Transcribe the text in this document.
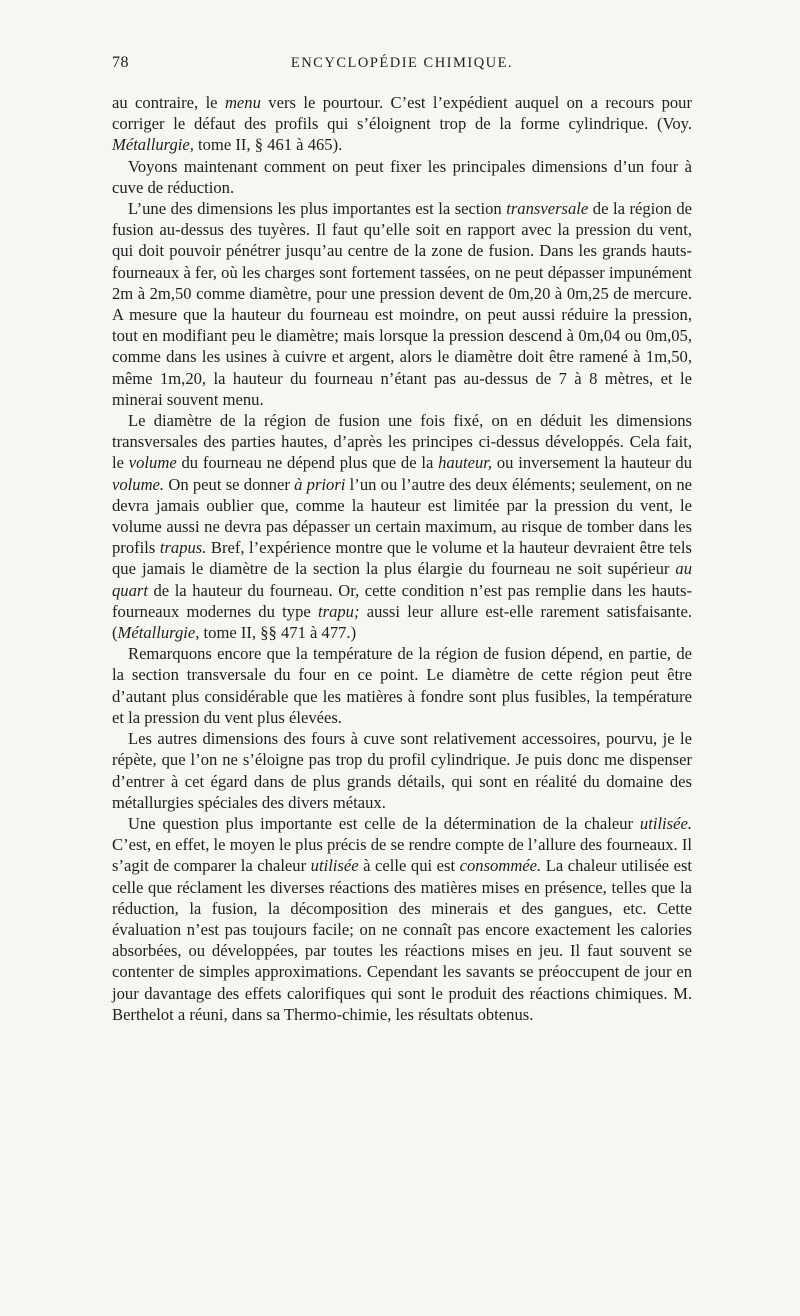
78	ENCYCLOPÉDIE CHIMIQUE.

au contraire, le menu vers le pourtour. C’est l’expédient auquel on a recours pour corriger le défaut des profils qui s’éloignent trop de la forme cylindrique. (Voy. Métallurgie, tome II, § 461 à 465).

Voyons maintenant comment on peut fixer les principales dimensions d’un four à cuve de réduction.

L’une des dimensions les plus importantes est la section transversale de la région de fusion au-dessus des tuyères. Il faut qu’elle soit en rapport avec la pression du vent, qui doit pouvoir pénétrer jusqu’au centre de la zone de fusion. Dans les grands hauts-fourneaux à fer, où les charges sont fortement tassées, on ne peut dépasser impunément 2m à 2m,50 comme diamètre, pour une pression devent de 0m,20 à 0m,25 de mercure. A mesure que la hauteur du fourneau est moindre, on peut aussi réduire la pression, tout en modifiant peu le diamètre; mais lorsque la pression descend à 0m,04 ou 0m,05, comme dans les usines à cuivre et argent, alors le diamètre doit être ramené à 1m,50, même 1m,20, la hauteur du fourneau n’étant pas au-dessus de 7 à 8 mètres, et le minerai souvent menu.

Le diamètre de la région de fusion une fois fixé, on en déduit les dimensions transversales des parties hautes, d’après les principes ci-dessus développés. Cela fait, le volume du fourneau ne dépend plus que de la hauteur, ou inversement la hauteur du volume. On peut se donner à priori l’un ou l’autre des deux éléments; seulement, on ne devra jamais oublier que, comme la hauteur est limitée par la pression du vent, le volume aussi ne devra pas dépasser un certain maximum, au risque de tomber dans les profils trapus. Bref, l’expérience montre que le volume et la hauteur devraient être tels que jamais le diamètre de la section la plus élargie du fourneau ne soit supérieur au quart de la hauteur du fourneau. Or, cette condition n’est pas remplie dans les hauts-fourneaux modernes du type trapu; aussi leur allure est-elle rarement satisfaisante. (Métallurgie, tome II, §§ 471 à 477.)

Remarquons encore que la température de la région de fusion dépend, en partie, de la section transversale du four en ce point. Le diamètre de cette région peut être d’autant plus considérable que les matières à fondre sont plus fusibles, la température et la pression du vent plus élevées.

Les autres dimensions des fours à cuve sont relativement accessoires, pourvu, je le répète, que l’on ne s’éloigne pas trop du profil cylindrique. Je puis donc me dispenser d’entrer à cet égard dans de plus grands détails, qui sont en réalité du domaine des métallurgies spéciales des divers métaux.

Une question plus importante est celle de la détermination de la chaleur utilisée. C’est, en effet, le moyen le plus précis de se rendre compte de l’allure des fourneaux. Il s’agit de comparer la chaleur utilisée à celle qui est consommée. La chaleur utilisée est celle que réclament les diverses réactions des matières mises en présence, telles que la réduction, la fusion, la décomposition des minerais et des gangues, etc. Cette évaluation n’est pas toujours facile; on ne connaît pas encore exactement les calories absorbées, ou développées, par toutes les réactions mises en jeu. Il faut souvent se contenter de simples approximations. Cependant les savants se préoccupent de jour en jour davantage des effets calorifiques qui sont le produit des réactions chimiques. M. Berthelot a réuni, dans sa Thermo-chimie, les résultats obtenus.
